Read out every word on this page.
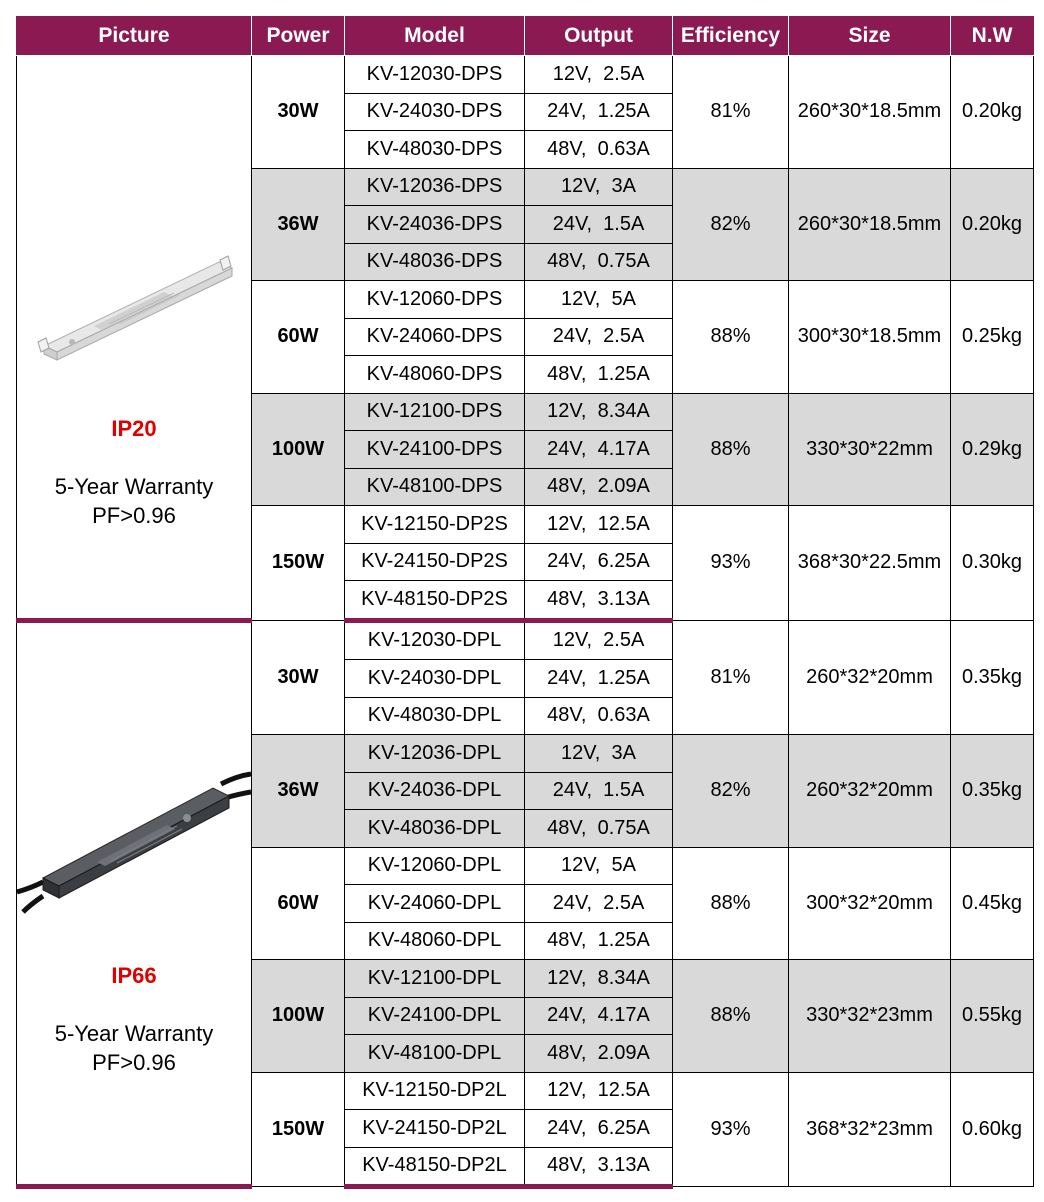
Picture	Power	Model	Output	Efficiency	Size	N.W

IP20
5-Year Warranty
PF>0.96	30W	KV-12030-DPS	12V,  2.5A	81%	260*30*18.5mm	0.20kg
		KV-24030-DPS	24V,  1.25A			
		KV-48030-DPS	48V,  0.63A			
	36W	KV-12036-DPS	12V,  3A	82%	260*30*18.5mm	0.20kg
		KV-24036-DPS	24V,  1.5A			
		KV-48036-DPS	48V,  0.75A			
	60W	KV-12060-DPS	12V,  5A	88%	300*30*18.5mm	0.25kg
		KV-24060-DPS	24V,  2.5A			
		KV-48060-DPS	48V,  1.25A			
	100W	KV-12100-DPS	12V,  8.34A	88%	330*30*22mm	0.29kg
		KV-24100-DPS	24V,  4.17A			
		KV-48100-DPS	48V,  2.09A			
	150W	KV-12150-DP2S	12V,  12.5A	93%	368*30*22.5mm	0.30kg
		KV-24150-DP2S	24V,  6.25A			
		KV-48150-DP2S	48V,  3.13A			

IP66
5-Year Warranty
PF>0.96	30W	KV-12030-DPL	12V,  2.5A	81%	260*32*20mm	0.35kg
		KV-24030-DPL	24V,  1.25A			
		KV-48030-DPL	48V,  0.63A			
	36W	KV-12036-DPL	12V,  3A	82%	260*32*20mm	0.35kg
		KV-24036-DPL	24V,  1.5A			
		KV-48036-DPL	48V,  0.75A			
	60W	KV-12060-DPL	12V,  5A	88%	300*32*20mm	0.45kg
		KV-24060-DPL	24V,  2.5A			
		KV-48060-DPL	48V,  1.25A			
	100W	KV-12100-DPL	12V,  8.34A	88%	330*32*23mm	0.55kg
		KV-24100-DPL	24V,  4.17A			
		KV-48100-DPL	48V,  2.09A			
	150W	KV-12150-DP2L	12V,  12.5A	93%	368*32*23mm	0.60kg
		KV-24150-DP2L	24V,  6.25A			
		KV-48150-DP2L	48V,  3.13A			
